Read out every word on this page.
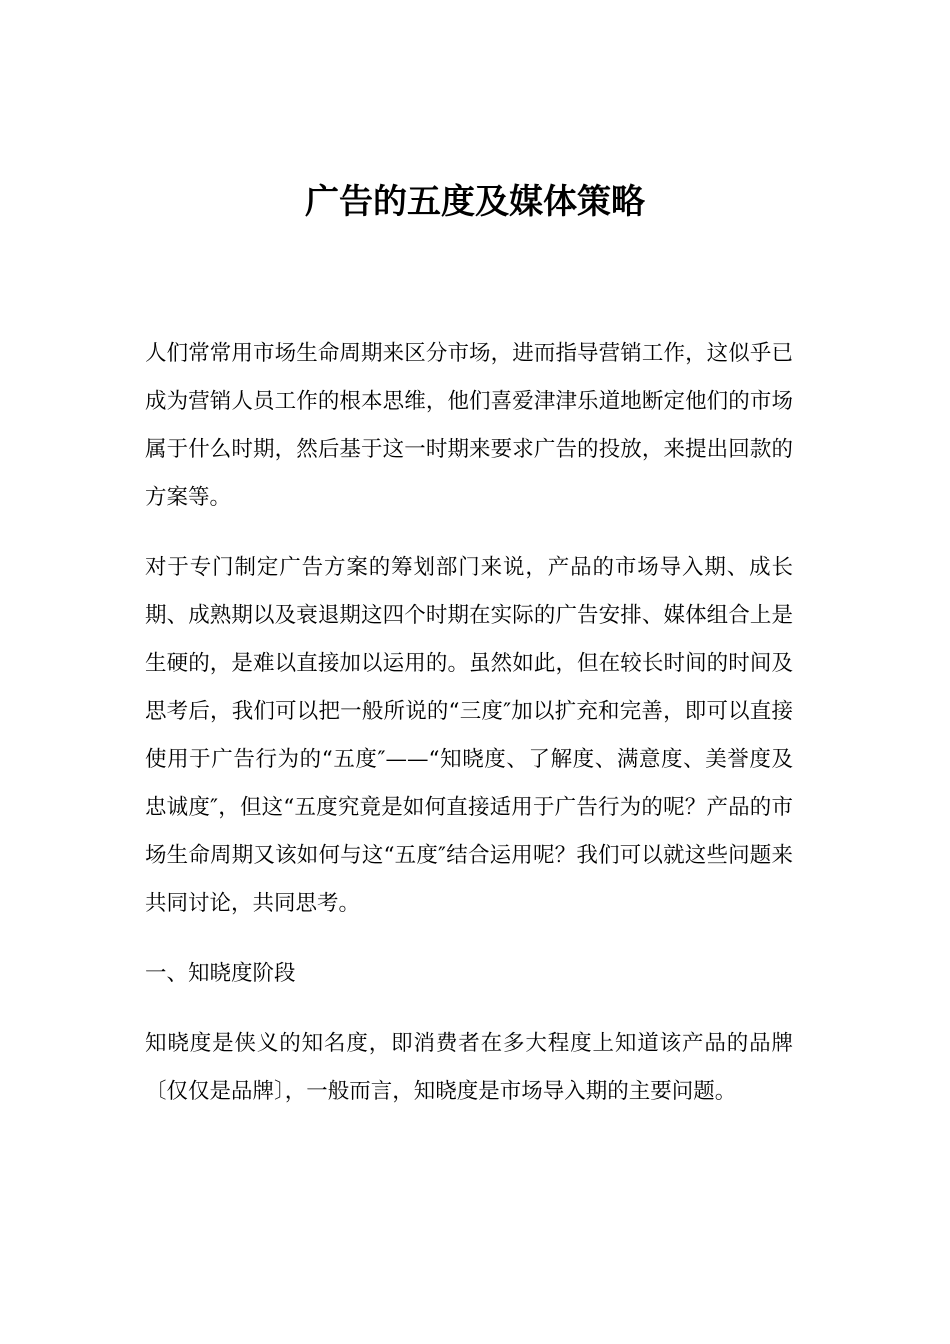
广告的五度及媒体策略

人们常常用市场生命周期来区分市场，进而指导营销工作，这似乎已成为营销人员工作的根本思维，他们喜爱津津乐道地断定他们的市场属于什么时期，然后基于这一时期来要求广告的投放，来提出回款的方案等。

对于专门制定广告方案的筹划部门来说，产品的市场导入期、成长期、成熟期以及衰退期这四个时期在实际的广告安排、媒体组合上是生硬的，是难以直接加以运用的。虽然如此，但在较长时间的时间及思考后，我们可以把一般所说的“三度″加以扩充和完善，即可以直接使用于广告行为的“五度″——“知晓度、了解度、满意度、美誉度及忠诚度″，但这“五度究竟是如何直接适用于广告行为的呢？产品的市场生命周期又该如何与这“五度″结合运用呢？我们可以就这些问题来共同讨论，共同思考。

一、知晓度阶段

知晓度是侠义的知名度，即消费者在多大程度上知道该产品的品牌〔仅仅是品牌〕，一般而言，知晓度是市场导入期的主要问题。
